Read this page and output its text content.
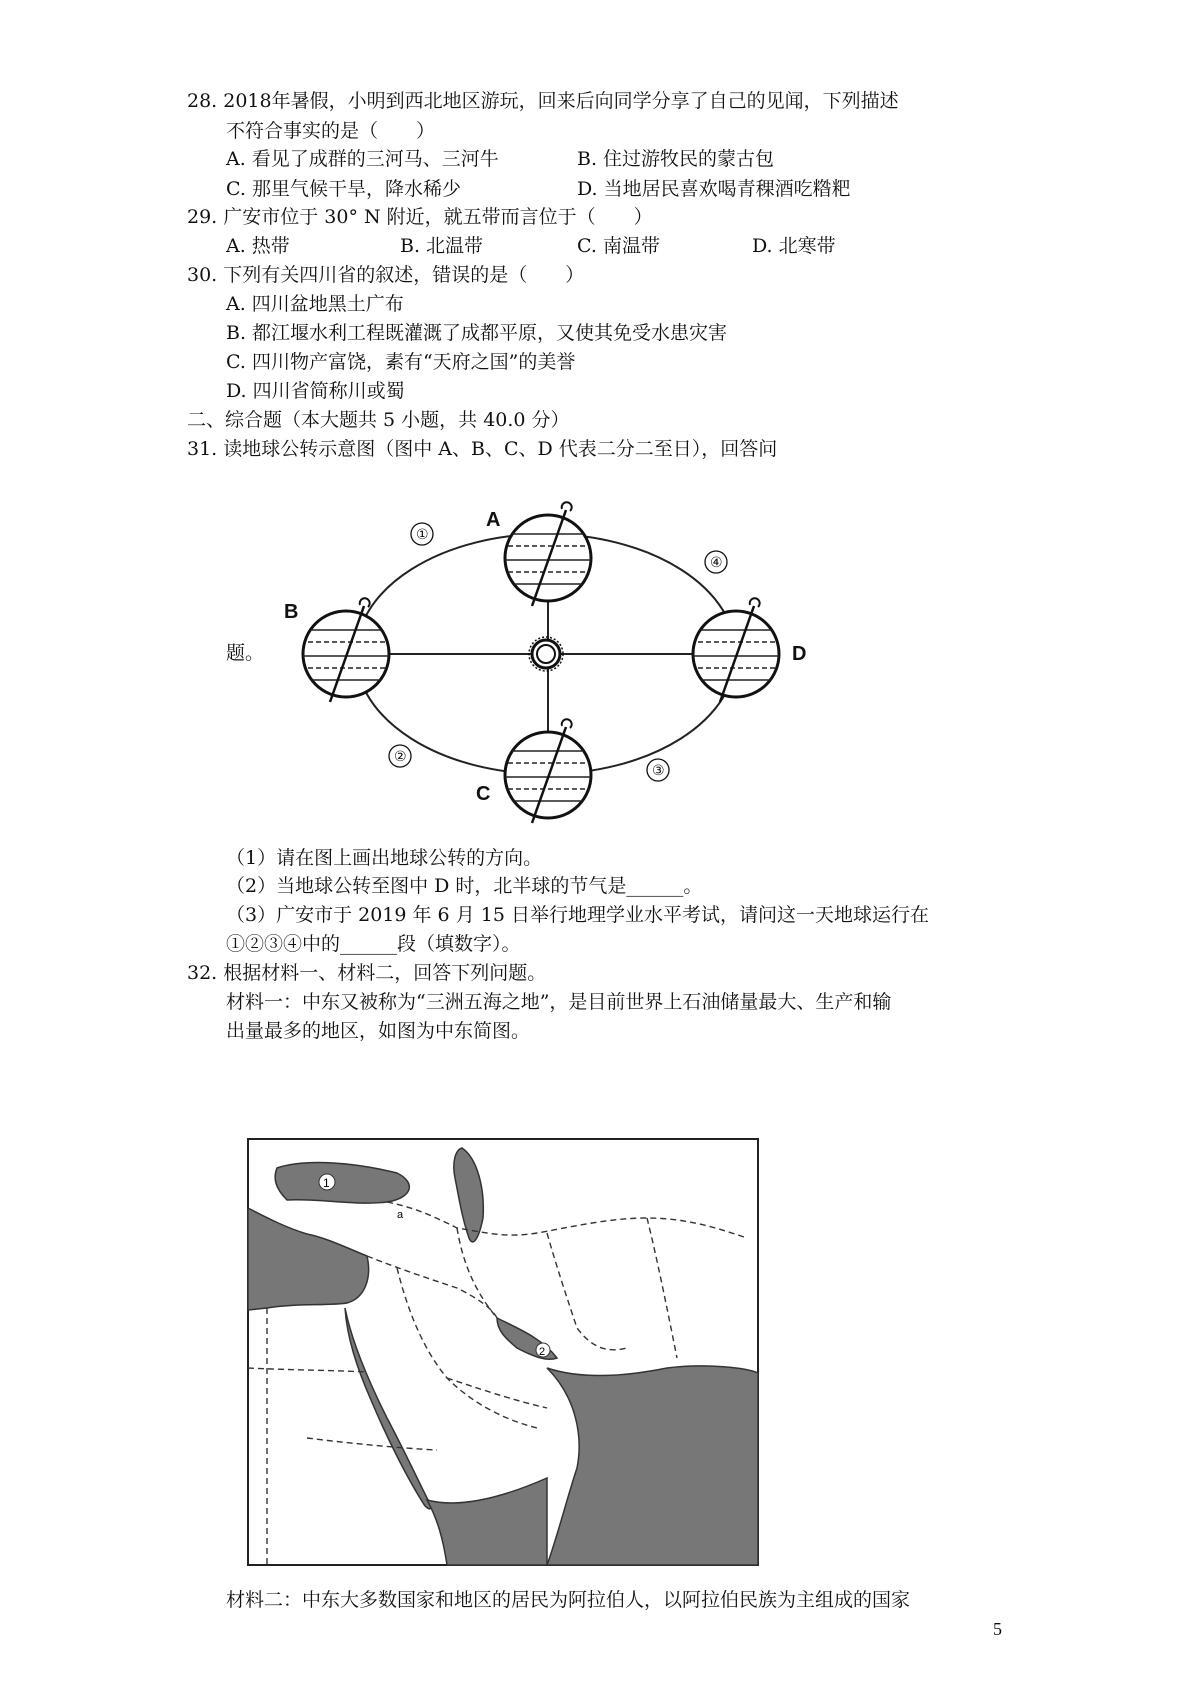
28. 2018年暑假，小明到西北地区游玩，回来后向同学分享了自己的见闻，下列描述
不符合事实的是（　　）
A. 看见了成群的三河马、三河牛	B. 住过游牧民的蒙古包
C. 那里气候干旱，降水稀少	D. 当地居民喜欢喝青稞酒吃糌粑
29. 广安市位于 30° N 附近，就五带而言位于（　　）
A. 热带	B. 北温带	C. 南温带	D. 北寒带
30. 下列有关四川省的叙述，错误的是（　　）
A. 四川盆地黑土广布
B. 都江堰水利工程既灌溉了成都平原，又使其免受水患灾害
C. 四川物产富饶，素有“天府之国”的美誉
D. 四川省简称川或蜀
二、综合题（本大题共 5 小题，共 40.0 分）
31. 读地球公转示意图（图中 A、B、C、D 代表二分二至日），回答问
A
B
C
D
①
④
②
③
题。
（1）请在图上画出地球公转的方向。
（2）当地球公转至图中 D 时，北半球的节气是______。
（3）广安市于 2019 年 6 月 15 日举行地理学业水平考试，请问这一天地球运行在
①②③④中的______段（填数字）。
32. 根据材料一、材料二，回答下列问题。
材料一：中东又被称为“三洲五海之地”，是目前世界上石油储量最大、生产和输
出量最多的地区，如图为中东简图。
1
2
a
材料二：中东大多数国家和地区的居民为阿拉伯人，以阿拉伯民族为主组成的国家
5
